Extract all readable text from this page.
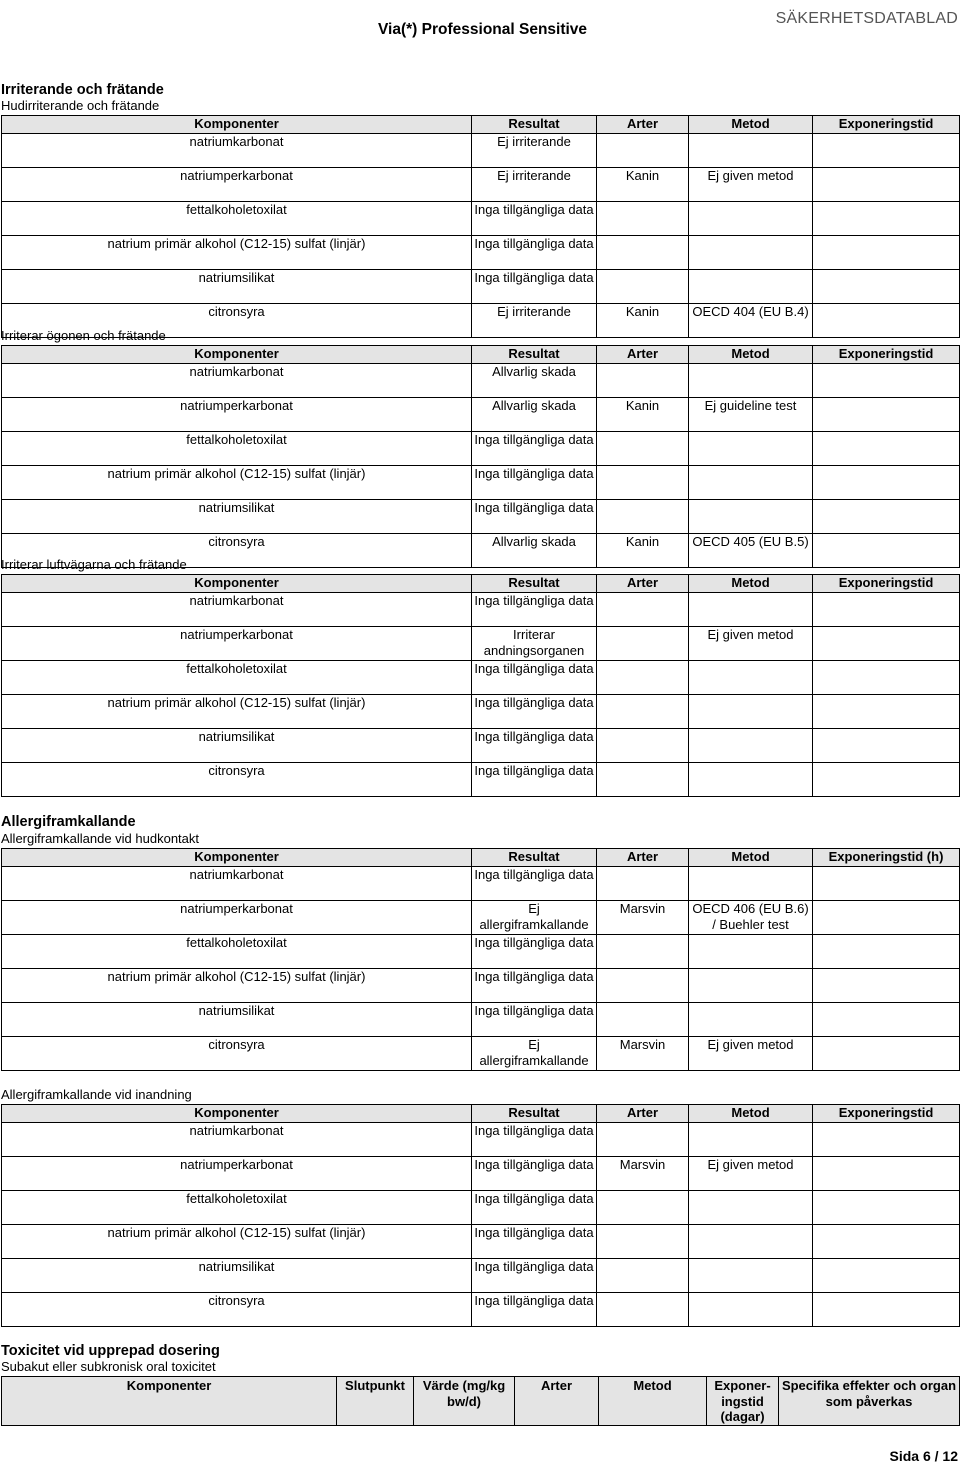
Via(*) Professional Sensitive
SÄKERHETSDATABLAD
Irriterande och frätande
Hudirriterande och frätande
Komponenter	Resultat	Arter	Metod	Exponeringstid
natriumkarbonat	Ej irriterande			
natriumperkarbonat	Ej irriterande	Kanin	Ej given metod	
fettalkoholetoxilat	Inga tillgängliga data			
natrium primär alkohol (C12-15) sulfat (linjär)	Inga tillgängliga data			
natriumsilikat	Inga tillgängliga data			
citronsyra	Ej irriterande	Kanin	OECD 404 (EU B.4)	
Irriterar ögonen och frätande
Komponenter	Resultat	Arter	Metod	Exponeringstid
natriumkarbonat	Allvarlig skada			
natriumperkarbonat	Allvarlig skada	Kanin	Ej guideline test	
fettalkoholetoxilat	Inga tillgängliga data			
natrium primär alkohol (C12-15) sulfat (linjär)	Inga tillgängliga data			
natriumsilikat	Inga tillgängliga data			
citronsyra	Allvarlig skada	Kanin	OECD 405 (EU B.5)	
Irriterar luftvägarna och frätande
Komponenter	Resultat	Arter	Metod	Exponeringstid
natriumkarbonat	Inga tillgängliga data			
natriumperkarbonat	Irriterar andningsorganen		Ej given metod	
fettalkoholetoxilat	Inga tillgängliga data			
natrium primär alkohol (C12-15) sulfat (linjär)	Inga tillgängliga data			
natriumsilikat	Inga tillgängliga data			
citronsyra	Inga tillgängliga data			
Allergiframkallande
Allergiframkallande vid hudkontakt
Komponenter	Resultat	Arter	Metod	Exponeringstid (h)
natriumkarbonat	Inga tillgängliga data			
natriumperkarbonat	Ej allergiframkallande	Marsvin	OECD 406 (EU B.6) / Buehler test	
fettalkoholetoxilat	Inga tillgängliga data			
natrium primär alkohol (C12-15) sulfat (linjär)	Inga tillgängliga data			
natriumsilikat	Inga tillgängliga data			
citronsyra	Ej allergiframkallande	Marsvin	Ej given metod	
Allergiframkallande vid inandning
Komponenter	Resultat	Arter	Metod	Exponeringstid
natriumkarbonat	Inga tillgängliga data			
natriumperkarbonat	Inga tillgängliga data	Marsvin	Ej given metod	
fettalkoholetoxilat	Inga tillgängliga data			
natrium primär alkohol (C12-15) sulfat (linjär)	Inga tillgängliga data			
natriumsilikat	Inga tillgängliga data			
citronsyra	Inga tillgängliga data			
Toxicitet vid upprepad dosering
Subakut eller subkronisk oral toxicitet
Komponenter	Slutpunkt	Värde (mg/kg bw/d)	Arter	Metod	Exponer- ingstid (dagar)	Specifika effekter och organ som påverkas
Sida 6 / 12
